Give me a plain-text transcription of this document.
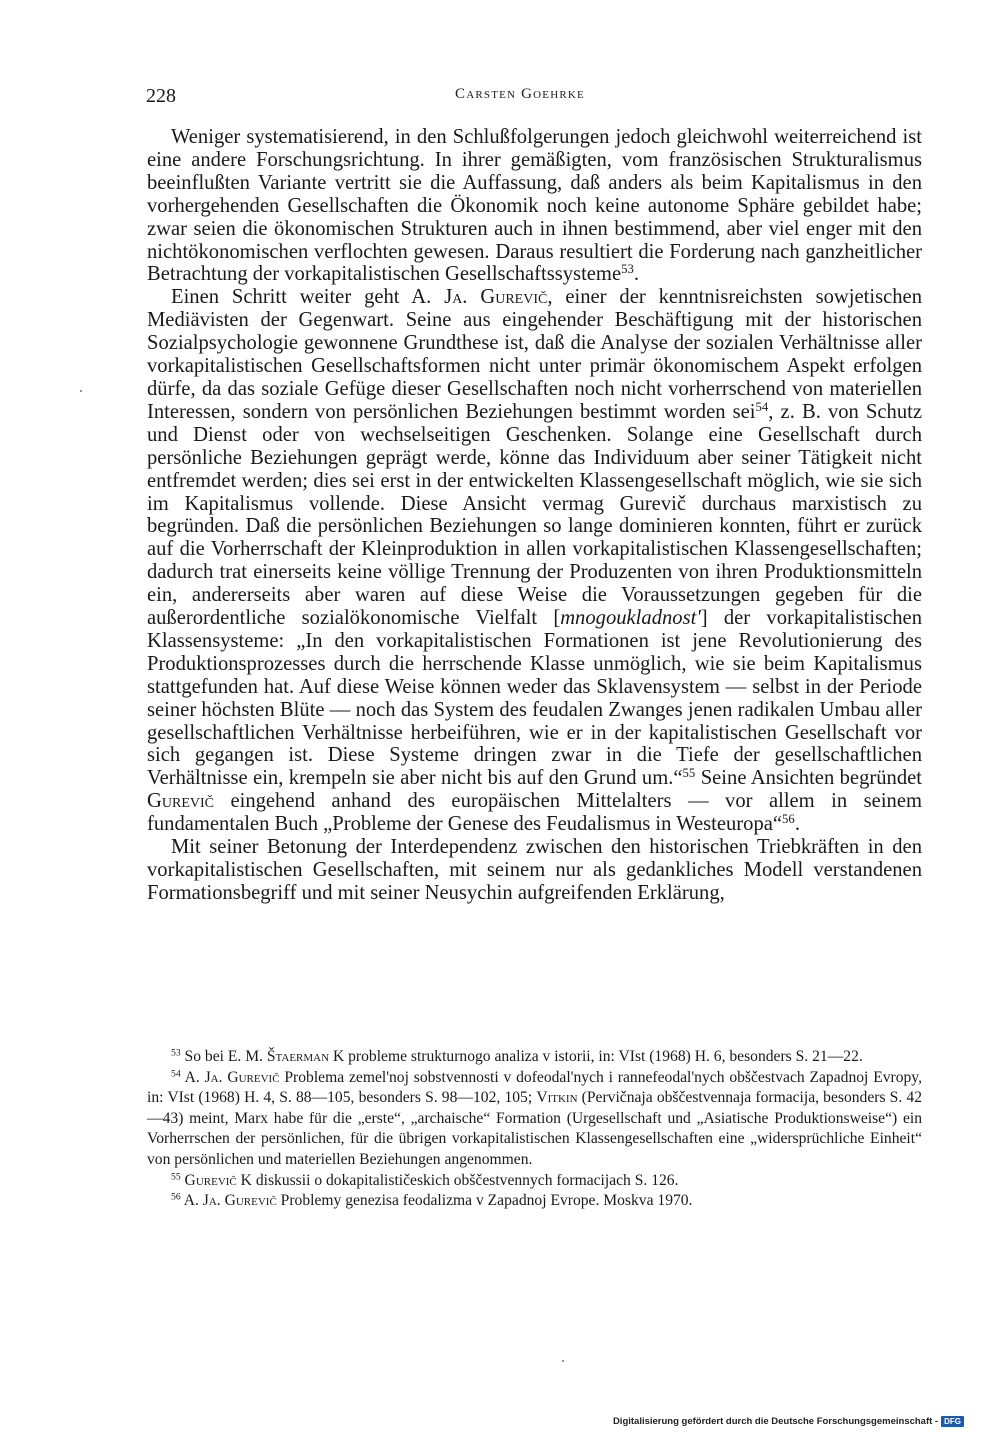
228	Carsten Goehrke

Weniger systematisierend, in den Schlußfolgerungen jedoch gleichwohl weiterreichend ist eine andere Forschungsrichtung. In ihrer gemäßigten, vom französischen Strukturalismus beeinflußten Variante vertritt sie die Auffassung, daß anders als beim Kapitalismus in den vorhergehenden Gesellschaften die Ökonomik noch keine autonome Sphäre gebildet habe; zwar seien die ökonomischen Strukturen auch in ihnen bestimmend, aber viel enger mit den nichtökonomischen verflochten gewesen. Daraus resultiert die Forderung nach ganzheitlicher Betrachtung der vorkapitalistischen Gesellschaftssysteme$^{53}$.

Einen Schritt weiter geht A. Ja. Gurevič, einer der kenntnisreichsten sowjetischen Mediävisten der Gegenwart. Seine aus eingehender Beschäftigung mit der historischen Sozialpsychologie gewonnene Grundthese ist, daß die Analyse der sozialen Verhältnisse aller vorkapitalistischen Gesellschaftsformen nicht unter primär ökonomischem Aspekt erfolgen dürfe, da das soziale Gefüge dieser Gesellschaften noch nicht vorherrschend von materiellen Interessen, sondern von persönlichen Beziehungen bestimmt worden sei$^{54}$, z. B. von Schutz und Dienst oder von wechselseitigen Geschenken. Solange eine Gesellschaft durch persönliche Beziehungen geprägt werde, könne das Individuum aber seiner Tätigkeit nicht entfremdet werden; dies sei erst in der entwickelten Klassengesellschaft möglich, wie sie sich im Kapitalismus vollende. Diese Ansicht vermag Gurevič durchaus marxistisch zu begründen. Daß die persönlichen Beziehungen so lange dominieren konnten, führt er zurück auf die Vorherrschaft der Kleinproduktion in allen vorkapitalistischen Klassengesellschaften; dadurch trat einerseits keine völlige Trennung der Produzenten von ihren Produktionsmitteln ein, andererseits aber waren auf diese Weise die Voraussetzungen gegeben für die außerordentliche sozialökonomische Vielfalt [mnogoukladnost'] der vorkapitalistischen Klassensysteme: „In den vorkapitalistischen Formationen ist jene Revolutionierung des Produktionsprozesses durch die herrschende Klasse unmöglich, wie sie beim Kapitalismus stattgefunden hat. Auf diese Weise können weder das Sklavensystem — selbst in der Periode seiner höchsten Blüte — noch das System des feudalen Zwanges jenen radikalen Umbau aller gesellschaftlichen Verhältnisse herbeiführen, wie er in der kapitalistischen Gesellschaft vor sich gegangen ist. Diese Systeme dringen zwar in die Tiefe der gesellschaftlichen Verhältnisse ein, krempeln sie aber nicht bis auf den Grund um.“$^{55}$ Seine Ansichten begründet Gurevič eingehend anhand des europäischen Mittelalters — vor allem in seinem fundamentalen Buch „Probleme der Genese des Feudalismus in Westeuropa“$^{56}$.

Mit seiner Betonung der Interdependenz zwischen den historischen Triebkräften in den vorkapitalistischen Gesellschaften, mit seinem nur als gedankliches Modell verstandenen Formationsbegriff und mit seiner Neusychin aufgreifenden Erklärung,

$^{53}$ So bei E. M. Štaerman K probleme strukturnogo analiza v istorii, in: VIst (1968) H. 6, besonders S. 21—22.

$^{54}$ A. Ja. Gurevič Problema zemel'noj sobstvennosti v dofeodal'nych i rannefeodal'nych obščestvach Zapadnoj Evropy, in: VIst (1968) H. 4, S. 88—105, besonders S. 98—102, 105; Vitkin (Pervičnaja obščestvennaja formacija, besonders S. 42—43) meint, Marx habe für die „erste“, „archaische“ Formation (Urgesellschaft und „Asiatische Produktionsweise“) ein Vorherrschen der persönlichen, für die übrigen vorkapitalistischen Klassengesellschaften eine „widersprüchliche Einheit“ von persönlichen und materiellen Beziehungen angenommen.

$^{55}$ Gurevič K diskussii o dokapitalističeskich obščestvennych formacijach S. 126.

$^{56}$ A. Ja. Gurevič Problemy genezisa feodalizma v Zapadnoj Evrope. Moskva 1970.

Digitalisierung gefördert durch die Deutsche Forschungsgemeinschaft - DFG
